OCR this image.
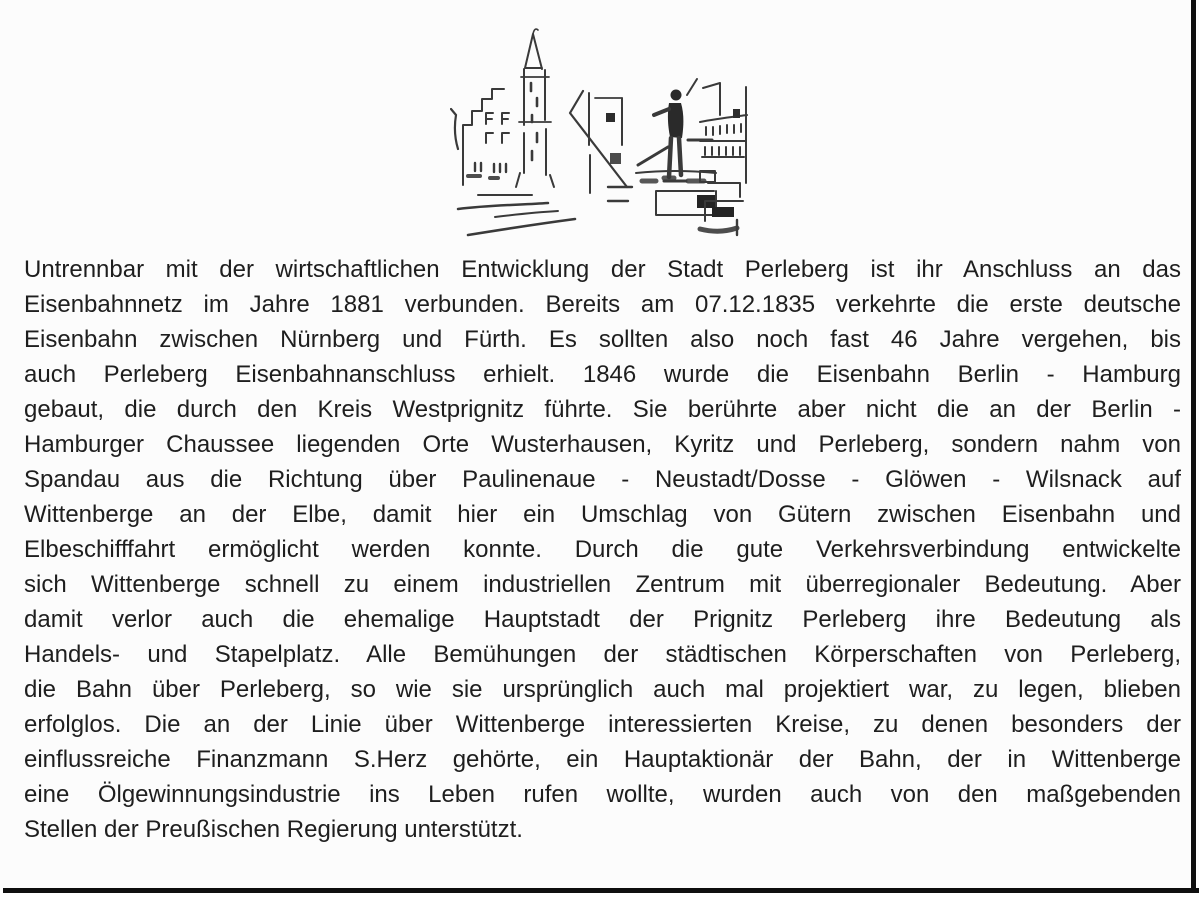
Untrennbar mit der wirtschaftlichen Entwicklung der Stadt Perleberg ist ihr Anschluss an das
Eisenbahnnetz im Jahre 1881 verbunden. Bereits am 07.12.1835 verkehrte die erste deutsche
Eisenbahn zwischen Nürnberg und Fürth. Es sollten also noch fast 46 Jahre vergehen, bis
auch Perleberg Eisenbahnanschluss erhielt. 1846 wurde die Eisenbahn Berlin - Hamburg
gebaut, die durch den Kreis Westprignitz führte. Sie berührte aber nicht die an der Berlin -
Hamburger Chaussee liegenden Orte Wusterhausen, Kyritz und Perleberg, sondern nahm von
Spandau aus die Richtung über Paulinenaue - Neustadt/Dosse - Glöwen - Wilsnack auf
Wittenberge an der Elbe, damit hier ein Umschlag von Gütern zwischen Eisenbahn und
Elbeschifffahrt ermöglicht werden konnte. Durch die gute Verkehrsverbindung entwickelte
sich Wittenberge schnell zu einem industriellen Zentrum mit überregionaler Bedeutung. Aber
damit verlor auch die ehemalige Hauptstadt der Prignitz Perleberg ihre Bedeutung als
Handels- und Stapelplatz. Alle Bemühungen der städtischen Körperschaften von Perleberg,
die Bahn über Perleberg, so wie sie ursprünglich auch mal projektiert war, zu legen, blieben
erfolglos. Die an der Linie über Wittenberge interessierten Kreise, zu denen besonders der
einflussreiche Finanzmann S.Herz gehörte, ein Hauptaktionär der Bahn, der in Wittenberge
eine Ölgewinnungsindustrie ins Leben rufen wollte, wurden auch von den maßgebenden
Stellen der Preußischen Regierung unterstützt.
